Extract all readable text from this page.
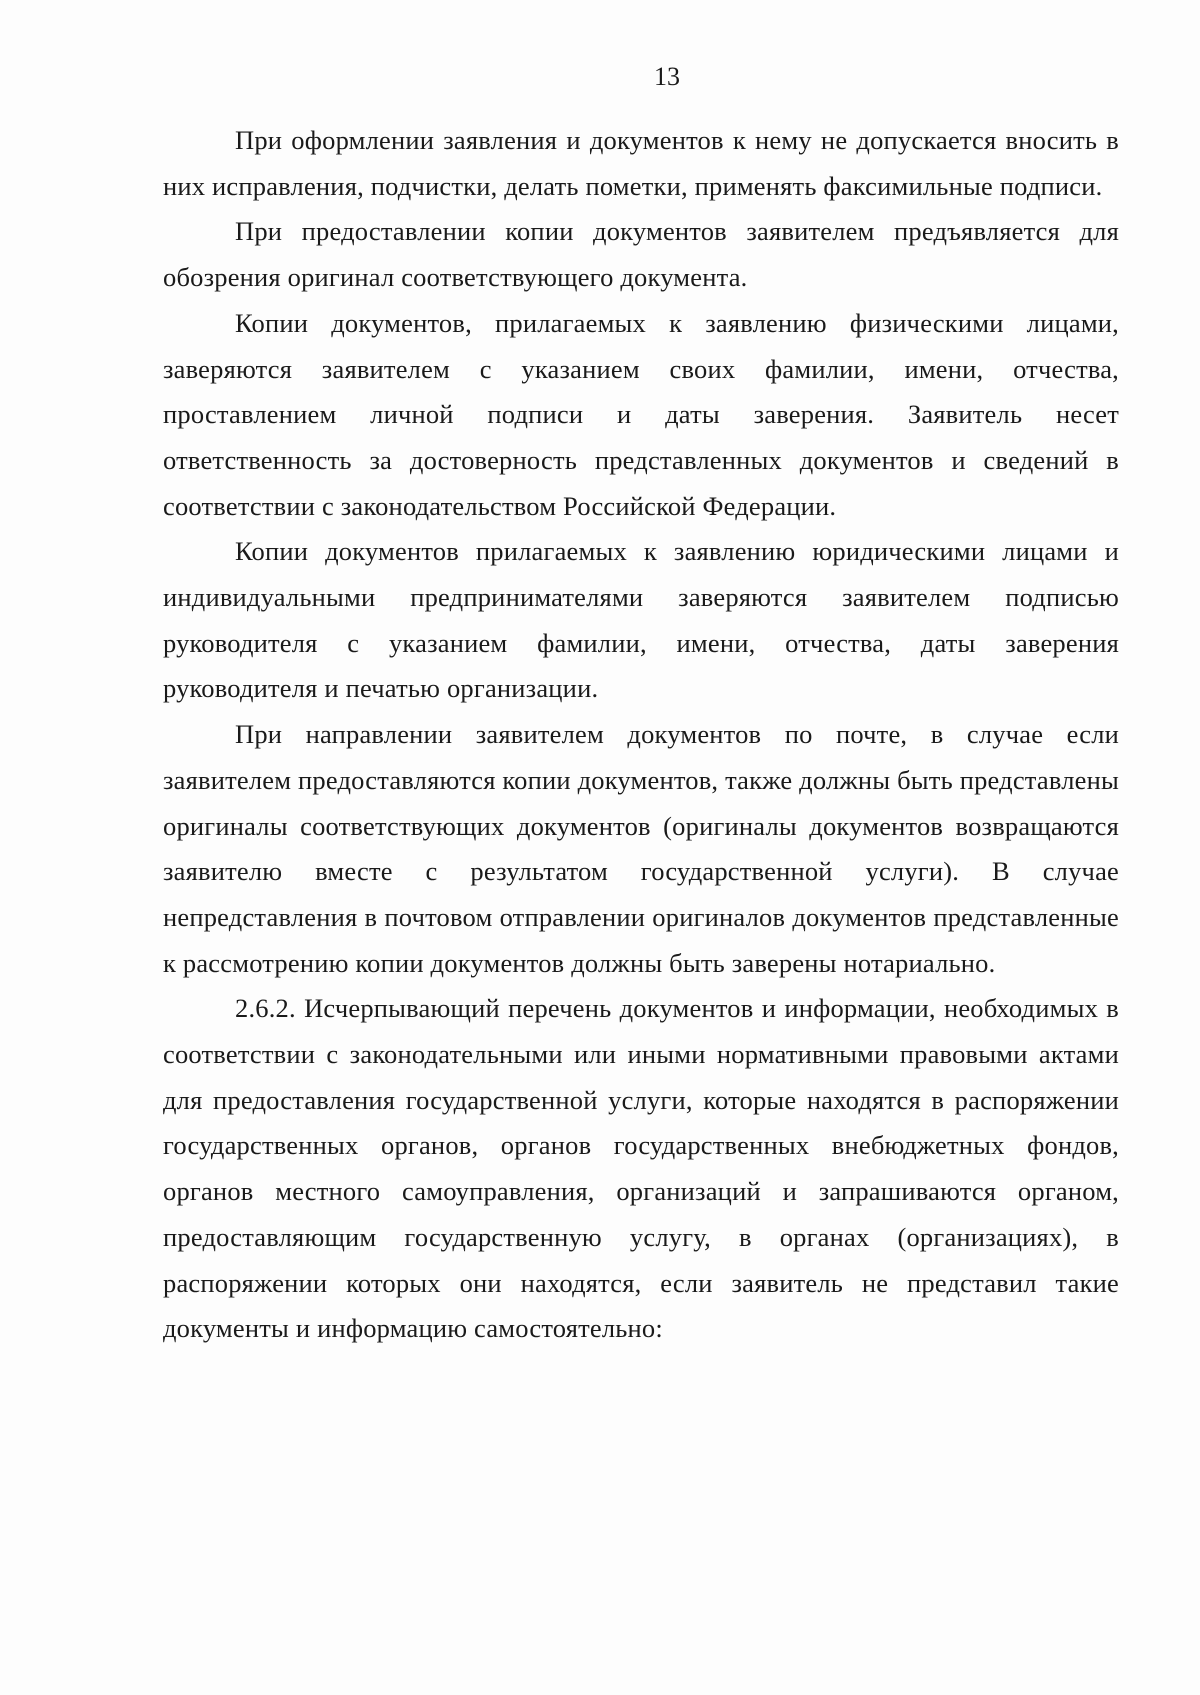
13

При оформлении заявления и документов к нему не допускается вносить в них исправления, подчистки, делать пометки, применять факсимильные подписи.

При предоставлении копии документов заявителем предъявляется для обозрения оригинал соответствующего документа.

Копии документов, прилагаемых к заявлению физическими лицами, заверяются заявителем с указанием своих фамилии, имени, отчества, проставлением личной подписи и даты заверения. Заявитель несет ответственность за достоверность представленных документов и сведений в соответствии с законодательством Российской Федерации.

Копии документов прилагаемых к заявлению юридическими лицами и индивидуальными предпринимателями заверяются заявителем подписью руководителя с указанием фамилии, имени, отчества, даты заверения руководителя и печатью организации.

При направлении заявителем документов по почте, в случае если заявителем предоставляются копии документов, также должны быть представлены оригиналы соответствующих документов (оригиналы документов возвращаются заявителю вместе с результатом государственной услуги). В случае непредставления в почтовом отправлении оригиналов документов представленные к рассмотрению копии документов должны быть заверены нотариально.

2.6.2. Исчерпывающий перечень документов и информации, необходимых в соответствии с законодательными или иными нормативными правовыми актами для предоставления государственной услуги, которые находятся в распоряжении государственных органов, органов государственных внебюджетных фондов, органов местного самоуправления, организаций и запрашиваются органом, предоставляющим государственную услугу, в органах (организациях), в распоряжении которых они находятся, если заявитель не представил такие документы и информацию самостоятельно:
